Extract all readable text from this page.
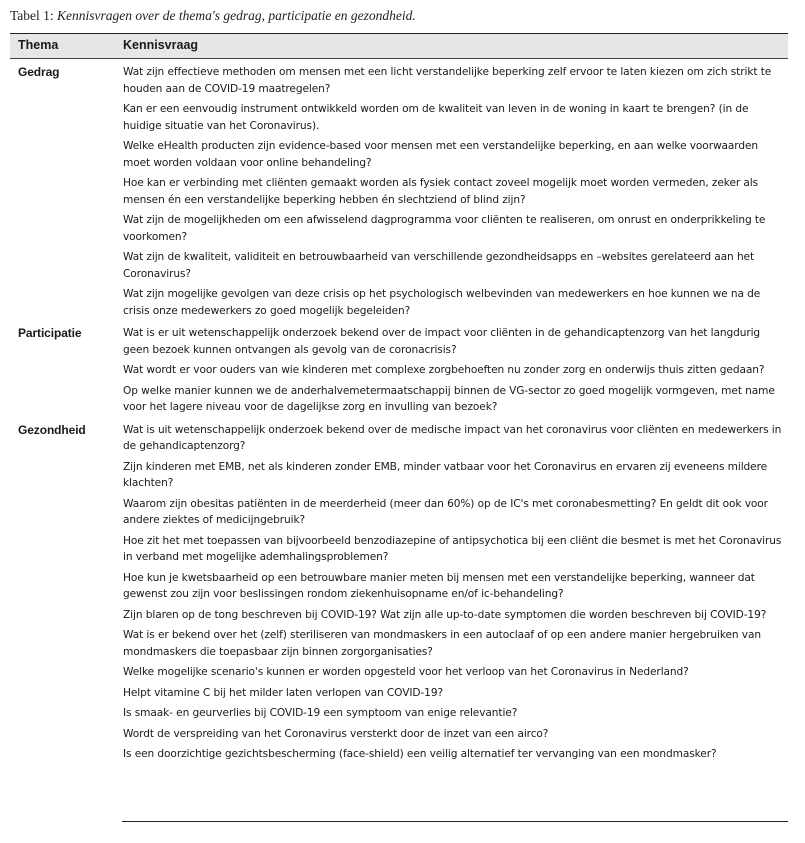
Tabel 1: Kennisvragen over de thema's gedrag, participatie en gezondheid.
Thema	Kennisvraag
Gedrag	Wat zijn effectieve methoden om mensen met een licht verstandelijke beperking zelf ervoor te laten kiezen om zich strikt te houden aan de COVID-19 maatregelen?
Kan er een eenvoudig instrument ontwikkeld worden om de kwaliteit van leven in de woning in kaart te brengen? (in de huidige situatie van het Coronavirus).
Welke eHealth producten zijn evidence-based voor mensen met een verstandelijke beperking, en aan welke voorwaarden moet worden voldaan voor online behandeling?
Hoe kan er verbinding met cliënten gemaakt worden als fysiek contact zoveel mogelijk moet worden vermeden, zeker als mensen én een verstandelijke beperking hebben én slechtziend of blind zijn?
Wat zijn de mogelijkheden om een afwisselend dagprogramma voor cliënten te realiseren, om onrust en onderprikkeling te voorkomen?
Wat zijn de kwaliteit, validiteit en betrouwbaarheid van verschillende gezondheidsapps en –websites gerelateerd aan het Coronavirus?
Wat zijn mogelijke gevolgen van deze crisis op het psychologisch welbevinden van medewerkers en hoe kunnen we na de crisis onze medewerkers zo goed mogelijk begeleiden?
Participatie	Wat is er uit wetenschappelijk onderzoek bekend over de impact voor cliënten in de gehandicaptenzorg van het langdurig geen bezoek kunnen ontvangen als gevolg van de coronacrisis?
Wat wordt er voor ouders van wie kinderen met complexe zorgbehoeften nu zonder zorg en onderwijs thuis zitten gedaan?
Op welke manier kunnen we de anderhalvemetermaatschappij binnen de VG-sector zo goed mogelijk vormgeven, met name voor het lagere niveau voor de dagelijkse zorg en invulling van bezoek?
Gezondheid	Wat is uit wetenschappelijk onderzoek bekend over de medische impact van het coronavirus voor cliënten en medewerkers in de gehandicaptenzorg?
Zijn kinderen met EMB, net als kinderen zonder EMB, minder vatbaar voor het Coronavirus en ervaren zij eveneens mildere klachten?
Waarom zijn obesitas patiënten in de meerderheid (meer dan 60%) op de IC's met coronabesmetting? En geldt dit ook voor andere ziektes of medicijngebruik?
Hoe zit het met toepassen van bijvoorbeeld benzodiazepine of antipsychotica bij een cliënt die besmet is met het Coronavirus in verband met mogelijke ademhalingsproblemen?
Hoe kun je kwetsbaarheid op een betrouwbare manier meten bij mensen met een verstandelijke beperking, wanneer dat gewenst zou zijn voor beslissingen rondom ziekenhuisopname en/of ic-behandeling?
Zijn blaren op de tong beschreven bij COVID-19? Wat zijn alle up-to-date symptomen die worden beschreven bij COVID-19?
Wat is er bekend over het (zelf) steriliseren van mondmaskers in een autoclaaf of op een andere manier hergebruiken van mondmaskers die toepasbaar zijn binnen zorgorganisaties?
Welke mogelijke scenario's kunnen er worden opgesteld voor het verloop van het Coronavirus in Nederland?
Helpt vitamine C bij het milder laten verlopen van COVID-19?
Is smaak- en geurverlies bij COVID-19 een symptoom van enige relevantie?
Wordt de verspreiding van het Coronavirus versterkt door de inzet van een airco?
Is een doorzichtige gezichtsbescherming (face-shield) een veilig alternatief ter vervanging van een mondmasker?
